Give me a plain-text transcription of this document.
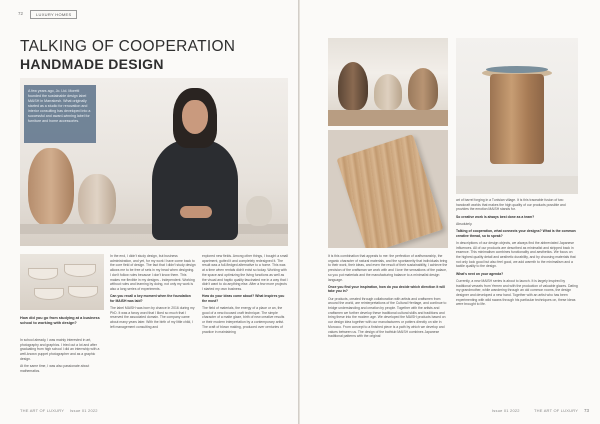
72	LUXURY HOMES
TALKING OF COOPERATION
HANDMADE DESIGN
A few years ago, Jo. Ltd. Moretti founded the sustainable design label MAISH in Marrakesh. What originally started as a studio for renovation and interior consulting has developed into a successful and award-winning label for furniture and home accessories.
How did you go from studying at a business school to working with design?

In school already, I was mainly interested in art, photography and graphics. I tried out a lot and after graduating from high school I did an internship with a well-known puppet photographer and as a graphic design.

At the same time, I was also passionate about mathematics.

In the end, I didn't study design, but business administration, and yet, for my work I have come back to the core field of design. The fact that I didn't study design allows me to be free of sets in my head when designing. I don't follow rules because I don't know them. This makes me flexible in my designs - independent. Working without rules and learning by doing, not only my work is also a long series of experiments.

Can you recall a key moment when the foundation for MAISH was laid?

The label MAISH was born by chance in 2016 during my PhD. It was a fancy word that I liked so much that I reserved the associated domain. The company came about many years later. With the birth of my little child, I left management consulting and

explored new fields. Among other things, I bought a small apartment, gutted it and completely redesigned it. The result was a full-fledged alternative to a home. This was at a time when rentals didn't exist so today. Working with the space and optimizing the living functions as well as the visual and haptic quality fascinated me in a way that I didn't want to do anything else. After a few more projects I started my own business.

How do your ideas come about? What inspires you the most?

The field of materials, the energy of a place or an, the good of a new-focused craft technique. The simple character of a matte glaze, birth of new creative results or their modern interpretation by a contemporary artist. The craft of blown making, produced over centuries of practice in maintaining

THE ART OF LUXURY Issue 01 2022

It is this combination that appeals to me: the perfection of craftsmanship, the organic character of natural materials, and the spontaneity that individuals bring to their work, their ideas, and even the result of their sustainability, I achieve the precision of the craftsman we work with and I love the sensations of the palace, so you put materials and the manufacturing balance to a minimalist design language.

Once you find your inspiration, how do you decide which direction it will take you in?

Our products, created through collaboration with artists and craftsmen from around the world, are reinterpretations of the Cultural Heritage, and continue to bridge understanding and creation by people. Together with the artists and craftsmen we further develop these traditional cultural skills and traditions and bring these into the modern age. We developed the MAISH products based on our design idea together with our manufacturers or potters directly on site in Morocco. From concept to a finished piece is a path by which we develop and values between us. The design of the bathtub MAISH combines Japanese traditional patterns with the original

art of barrel forging in a Tunisian village. It is this traceable fusion of two handcraft worlds that makes the high quality of our products possible and provides the emotion MAISH stands for.

So creative work is always best done as a team?

Absolutely.

Talking of cooperation, what connects your designs? What is the common creative thread, so to speak?

In descriptions of our design objects, we always find the abbreviated Japanese influences. All of our products are described as minimalist and stripped back in essence. This minimalism combines functionality and aesthetics. We focus on the highest quality detail and aesthetic durability, and by choosing materials that not only look good but also feel good, we add warmth to the minimalism and a tactile quality to the design.

What's next on your agenda?

Currently, a new MAISH series is about to launch. It is largely inspired by traditional vessels from Yemen and with the production of valuable glazes. Dating my grandmother, while wandering through an old common rooms, the design designer and developed a new hand. Together with an artist who has been experimenting with wild swans through his particular techniques on, these ideas were brought to life.

Issue 01 2022	THE ART OF LUXURY 73
